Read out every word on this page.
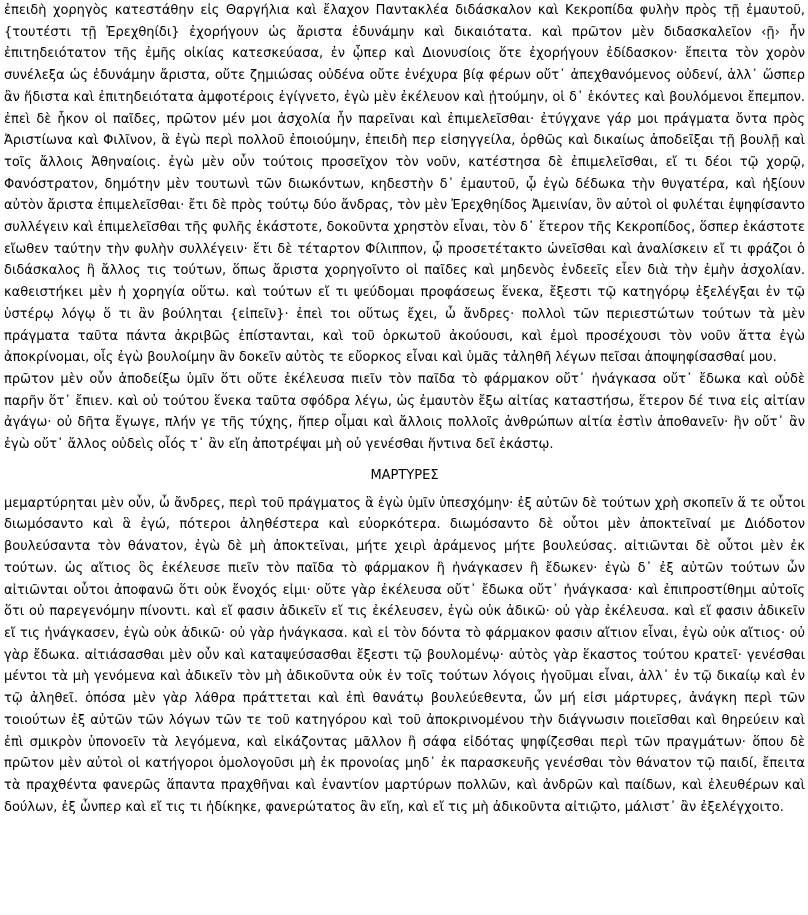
ἐπειδὴ χορηγὸς κατεστάθην εἰς Θαργήλια καὶ ἔλαχον Παντακλέα διδάσκαλον καὶ Κεκροπίδα φυλὴν πρὸς τῇ ἐμαυτοῦ, {τουτέστι τῇ Ἐρεχθηίδι} ἐχορήγουν ὡς ἄριστα ἐδυνάμην καὶ δικαιότατα. καὶ πρῶτον μὲν διδασκαλεῖον ‹ῇ› ἦν ἐπιτηδειότατον τῆς ἐμῆς οἰκίας κατεσκεύασα, ἐν ᾧπερ καὶ Διονυσίοις ὅτε ἐχορήγουν ἐδίδασκον· ἔπειτα τὸν χορὸν συνέλεξα ὡς ἐδυνάμην ἄριστα, οὔτε ζημιώσας οὐδένα οὔτε ἐνέχυρα βίᾳ φέρων οὔτ᾽ ἀπεχθανόμενος οὐδενί, ἀλλ᾽ ὥσπερ ἂν ἥδιστα καὶ ἐπιτηδειότατα ἀμφοτέροις ἐγίγνετο, ἐγὼ μὲν ἐκέλευον καὶ ᾐτούμην, οἱ δ᾽ ἑκόντες καὶ βουλόμενοι ἔπεμπον. ἐπεὶ δὲ ἧκον οἱ παῖδες, πρῶτον μέν μοι ἀσχολία ἦν παρεῖναι καὶ ἐπιμελεῖσθαι· ἐτύγχανε γάρ μοι πράγματα ὄντα πρὸς Ἀριστίωνα καὶ Φιλῖνον, ἃ ἐγὼ περὶ πολλοῦ ἐποιούμην, ἐπειδὴ περ εἰσηγγείλα, ὀρθῶς καὶ δικαίως ἀποδεῖξαι τῇ βουλῇ καὶ τοῖς ἄλλοις Ἀθηναίοις. ἐγὼ μὲν οὖν τούτοις προσεῖχον τὸν νοῦν, κατέστησα δὲ ἐπιμελεῖσθαι, εἴ τι δέοι τῷ χορῷ, Φανόστρατον, δημότην μὲν τουτωνὶ τῶν διωκόντων, κηδεστὴν δ᾽ ἐμαυτοῦ, ᾧ ἐγὼ δέδωκα τὴν θυγατέρα, καὶ ἠξίουν αὐτὸν ἄριστα ἐπιμελεῖσθαι· ἔτι δὲ πρὸς τούτῳ δύο ἄνδρας, τὸν μὲν Ἐρεχθηίδος Ἀμεινίαν, ὃν αὐτοὶ οἱ φυλέται ἐψηφίσαντο συλλέγειν καὶ ἐπιμελεῖσθαι τῆς φυλῆς ἑκάστοτε, δοκοῦντα χρηστὸν εἶναι, τὸν δ᾽ ἕτερον τῆς Κεκροπίδος, ὅσπερ ἑκάστοτε εἴωθεν ταύτην τὴν φυλὴν συλλέγειν· ἔτι δὲ τέταρτον Φίλιππον, ᾧ προσετέτακτο ὠνεῖσθαι καὶ ἀναλίσκειν εἴ τι φράζοι ὁ διδάσκαλος ἢ ἄλλος τις τούτων, ὅπως ἄριστα χορηγοῖντο οἱ παῖδες καὶ μηδενὸς ἐνδεεῖς εἶεν διὰ τὴν ἐμὴν ἀσχολίαν. καθειστήκει μὲν ἡ χορηγία οὕτω. καὶ τούτων εἴ τι ψεύδομαι προφάσεως ἕνεκα, ἔξεστι τῷ κατηγόρῳ ἐξελέγξαι ἐν τῷ ὑστέρῳ λόγῳ ὅ τι ἂν βούληται {εἰπεῖν}· ἐπεὶ τοι οὕτως ἔχει, ὦ ἄνδρες· πολλοὶ τῶν περιεστώτων τούτων τὰ μὲν πράγματα ταῦτα πάντα ἀκριβῶς ἐπίστανται, καὶ τοῦ ὁρκωτοῦ ἀκούουσι, καὶ ἐμοὶ προσέχουσι τὸν νοῦν ἅττα ἐγὼ ἀποκρίνομαι, οἷς ἐγὼ βουλοίμην ἂν δοκεῖν αὐτὸς τε εὔορκος εἶναι καὶ ὑμᾶς τἀληθῆ λέγων πεῖσαι ἀποψηφίσασθαί μου.

πρῶτον μὲν οὖν ἀποδείξω ὑμῖν ὅτι οὔτε ἐκέλευσα πιεῖν τὸν παῖδα τὸ φάρμακον οὔτ᾽ ἠνάγκασα οὔτ᾽ ἔδωκα καὶ οὐδὲ παρῆν ὅτ᾽ ἔπιεν. καὶ οὐ τούτου ἕνεκα ταῦτα σφόδρα λέγω, ὡς ἐμαυτὸν ἔξω αἰτίας καταστήσω, ἕτερον δέ τινα εἰς αἰτίαν ἀγάγω· οὐ δῆτα ἔγωγε, πλήν γε τῆς τύχης, ἥπερ οἶμαι καὶ ἄλλοις πολλοῖς ἀνθρώπων αἰτία ἐστὶν ἀποθανεῖν· ἣν οὔτ᾽ ἂν ἐγὼ οὔτ᾽ ἄλλος οὐδεὶς οἷός τ᾽ ἂν εἴη ἀποτρέψαι μὴ οὐ γενέσθαι ἥντινα δεῖ ἑκάστῳ.

ΜΑΡΤΥΡΕΣ

μεμαρτύρηται μὲν οὖν, ὦ ἄνδρες, περὶ τοῦ πράγματος ἃ ἐγὼ ὑμῖν ὑπεσχόμην· ἐξ αὐτῶν δὲ τούτων χρὴ σκοπεῖν ἅ τε οὗτοι διωμόσαντο καὶ ἃ ἐγώ, πότεροι ἀληθέστερα καὶ εὐορκότερα. διωμόσαντο δὲ οὗτοι μὲν ἀποκτεῖναί με Διόδοτον βουλεύσαντα τὸν θάνατον, ἐγὼ δὲ μὴ ἀποκτεῖναι, μήτε χειρὶ ἀράμενος μήτε βουλεύσας. αἰτιῶνται δὲ οὗτοι μὲν ἐκ τούτων. ὡς αἴτιος ὃς ἐκέλευσε πιεῖν τὸν παῖδα τὸ φάρμακον ἢ ἠνάγκασεν ἢ ἔδωκεν· ἐγὼ δ᾽ ἐξ αὐτῶν τούτων ὧν αἰτιῶνται οὗτοι ἀποφανῶ ὅτι οὐκ ἔνοχός εἰμι· οὔτε γὰρ ἐκέλευσα οὔτ᾽ ἔδωκα οὔτ᾽ ἠνάγκασα· καὶ ἐπιπροστίθημι αὐτοῖς ὅτι οὐ παρεγενόμην πίνοντι. καὶ εἴ φασιν ἀδικεῖν εἴ τις ἐκέλευσεν, ἐγὼ οὐκ ἀδικῶ· οὐ γὰρ ἐκέλευσα. καὶ εἴ φασιν ἀδικεῖν εἴ τις ἠνάγκασεν, ἐγὼ οὐκ ἀδικῶ· οὐ γὰρ ἠνάγκασα. καὶ εἰ τὸν δόντα τὸ φάρμακον φασιν αἴτιον εἶναι, ἐγὼ οὐκ αἴτιος· οὐ γὰρ ἔδωκα. αἰτιάσασθαι μὲν οὖν καὶ καταψεύσασθαι ἔξεστι τῷ βουλομένῳ· αὐτὸς γὰρ ἕκαστος τούτου κρατεῖ· γενέσθαι μέντοι τὰ μὴ γενόμενα καὶ ἀδικεῖν τὸν μὴ ἀδικοῦντα οὐκ ἐν τοῖς τούτων λόγοις ἡγοῦμαι εἶναι, ἀλλ᾽ ἐν τῷ δικαίῳ καὶ ἐν τῷ ἀληθεῖ. ὁπόσα μὲν γὰρ λάθρα πράττεται καὶ ἐπὶ θανάτῳ βουλεύεθεντα, ὧν μή εἰσι μάρτυρες, ἀνάγκη περὶ τῶν τοιούτων ἐξ αὐτῶν τῶν λόγων τῶν τε τοῦ κατηγόρου καὶ τοῦ ἀποκρινομένου τὴν διάγνωσιν ποιεῖσθαι καὶ θηρεύειν καὶ ἐπὶ σμικρὸν ὑπονοεῖν τὰ λεγόμενα, καὶ εἰκάζοντας μᾶλλον ἢ σάφα εἰδότας ψηφίζεσθαι περὶ τῶν πραγμάτων· ὅπου δὲ πρῶτον μὲν αὐτοὶ οἱ κατήγοροι ὁμολογοῦσι μὴ ἐκ προνοίας μηδ᾽ ἐκ παρασκευῆς γενέσθαι τὸν θάνατον τῷ παιδί, ἔπειτα τὰ πραχθέντα φανερῶς ἅπαντα πραχθῆναι καὶ ἐναντίον μαρτύρων πολλῶν, καὶ ἀνδρῶν καὶ παίδων, καὶ ἐλευθέρων καὶ δούλων, ἐξ ὧνπερ καὶ εἴ τις τι ἠδίκηκε, φανερώτατος ἂν εἴη, καὶ εἴ τις μὴ ἀδικοῦντα αἰτιῷτο, μάλιστ᾽ ἂν ἐξελέγχοιτο.
